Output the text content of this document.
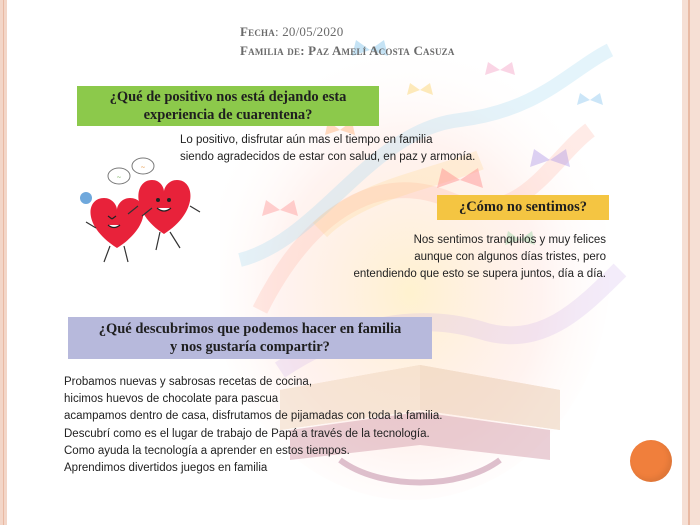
Fecha: 20/05/2020
Familia de: Paz Amelí Acosta Casuza
¿Qué de positivo nos está dejando esta
experiencia de cuarentena?
Lo positivo, disfrutar aún mas el tiempo en familia
siendo agradecidos de estar con salud, en paz y armonía.
~
~
¿Cómo no sentimos?
Nos sentimos tranquilos y muy felices
aunque con algunos días tristes, pero
entendiendo que esto se supera juntos, día a día.
¿Qué descubrimos que podemos hacer en familia
y nos gustaría compartir?
Probamos nuevas y sabrosas recetas de cocina,
hicimos huevos de chocolate para pascua
acampamos dentro de casa, disfrutamos de pijamadas con toda la familia.
Descubrí como es el lugar de trabajo de Papá a través de la tecnología.
Como ayuda la tecnología a aprender en estos tiempos.
Aprendimos divertidos juegos en familia
